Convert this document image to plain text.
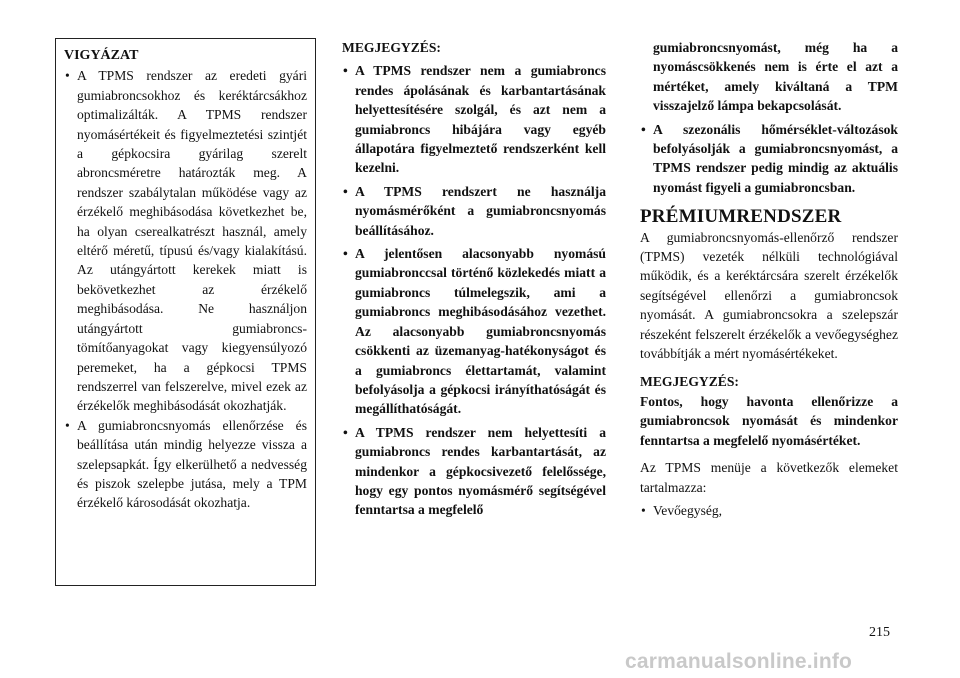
VIGYÁZAT
• A TPMS rendszer az eredeti gyári gumiabroncsokhoz és keréktárcsákhoz optimalizálták. A TPMS rendszer nyomásértékeit és figyelmeztetési szintjét a gépkocsira gyárilag szerelt abroncsméretre határozták meg. A rendszer szabálytalan működése vagy az érzékelő meghibásodása következhet be, ha olyan cserealkatrészt használ, amely eltérő méretű, típusú és/vagy kialakítású. Az utángyártott kerekek miatt is bekövetkezhet az érzékelő meghibásodása. Ne használjon utángyártott gumiabroncs-tömítőanyagokat vagy kiegyensúlyozó peremeket, ha a gépkocsi TPMS rendszerrel van felszerelve, mivel ezek az érzékelők meghibásodását okozhatják.
• A gumiabroncsnyomás ellenőrzése és beállítása után mindig helyezze vissza a szelepsapkát. Így elkerülhető a nedvesség és piszok szelepbe jutása, mely a TPM érzékelő károsodását okozhatja.
MEGJEGYZÉS:
• A TPMS rendszer nem a gumiabroncs rendes ápolásának és karbantartásának helyettesítésére szolgál, és azt nem a gumiabroncs hibájára vagy egyéb állapotára figyelmeztető rendszerként kell kezelni.
• A TPMS rendszert ne használja nyomásmérőként a gumiabroncsnyomás beállításához.
• A jelentősen alacsonyabb nyomású gumiabronccsal történő közlekedés miatt a gumiabroncs túlmelegszik, ami a gumiabroncs meghibásodásához vezethet. Az alacsonyabb gumiabroncsnyomás csökkenti az üzemanyag-hatékonyságot és a gumiabroncs élettartamát, valamint befolyásolja a gépkocsi irányíthatóságát és megállíthatóságát.
• A TPMS rendszer nem helyettesíti a gumiabroncs rendes karbantartását, az mindenkor a gépkocsivezető felelőssége, hogy egy pontos nyomásmérő segítségével fenntartsa a megfelelő
gumiabroncsnyomást, még ha a nyomáscsökkenés nem is érte el azt a mértéket, amely kiváltaná a TPM visszajelző lámpa bekapcsolását.
• A szezonális hőmérséklet-változások befolyásolják a gumiabroncsnyomást, a TPMS rendszer pedig mindig az aktuális nyomást figyeli a gumiabroncsban.
PRÉMIUMRENDSZER

A gumiabroncsnyomás-ellenőrző rendszer (TPMS) vezeték nélküli technológiával működik, és a keréktárcsára szerelt érzékelők segítségével ellenőrzi a gumiabroncsok nyomását. A gumiabroncsokra a szelepszár részeként felszerelt érzékelők a vevőegységhez továbbítják a mért nyomásértékeket.

MEGJEGYZÉS:

Fontos, hogy havonta ellenőrizze a gumiabroncsok nyomását és mindenkor fenntartsa a megfelelő nyomásértéket.

Az TPMS menüje a következők elemeket tartalmazza:

• Vevőegység,
215
carmanualsonline.info
